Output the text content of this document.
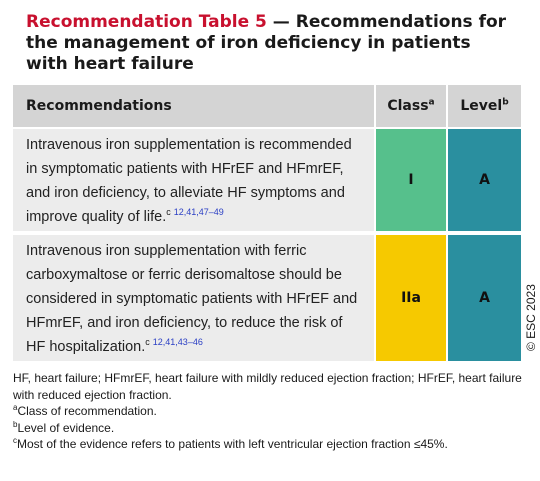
Recommendation Table 5 — Recommendations for the management of iron deficiency in patients with heart failure
Recommendations	Class$^a$	Level$^b$
Intravenous iron supplementation is recommended in symptomatic patients with HFrEF and HFmrEF, and iron deficiency, to alleviate HF symptoms and improve quality of life.$^c$ $^{12,41,47-49}$	I	A
Intravenous iron supplementation with ferric carboxymaltose or ferric derisomaltose should be considered in symptomatic patients with HFrEF and HFmrEF, and iron deficiency, to reduce the risk of HF hospitalization.$^c$ $^{12,41,43-46}$	IIa	A	© ESC 2023
HF, heart failure; HFmrEF, heart failure with mildly reduced ejection fraction; HFrEF, heart failure with reduced ejection fraction.
$^a$Class of recommendation.
$^b$Level of evidence.
$^c$Most of the evidence refers to patients with left ventricular ejection fraction ≤45%.
